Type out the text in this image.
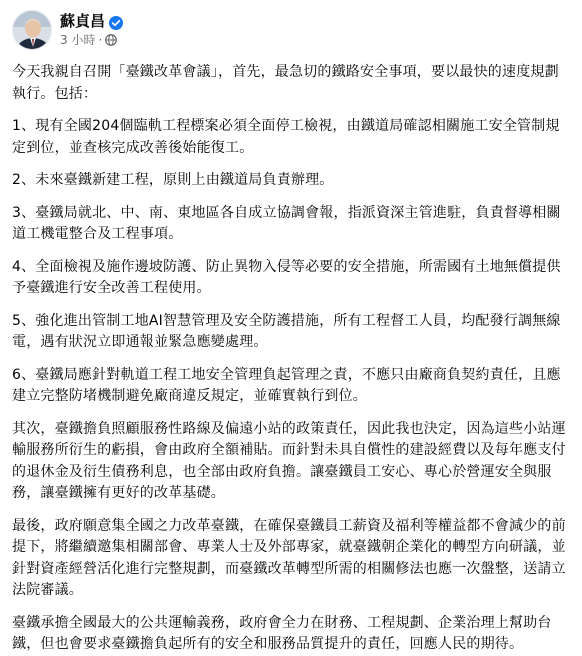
蘇貞昌
3 小時 ·

今天我親自召開「臺鐵改革會議」，首先，最急切的鐵路安全事項，要以最快的速度規劃執行。包括：

1、現有全國204個臨軌工程標案必須全面停工檢視，由鐵道局確認相關施工安全管制規定到位，並查核完成改善後始能復工。

2、未來臺鐵新建工程，原則上由鐵道局負責辦理。

3、臺鐵局就北、中、南、東地區各自成立協調會報，指派資深主管進駐，負責督導相關道工機電整合及工程事項。

4、全面檢視及施作邊坡防護、防止異物入侵等必要的安全措施，所需國有土地無償提供予臺鐵進行安全改善工程使用。

5、強化進出管制工地AI智慧管理及安全防護措施，所有工程督工人員，均配發行調無線電，遇有狀況立即通報並緊急應變處理。

6、臺鐵局應針對軌道工程工地安全管理負起管理之責，不應只由廠商負契約責任，且應建立完整防堵機制避免廠商違反規定，並確實執行到位。

其次，臺鐵擔負照顧服務性路線及偏遠小站的政策責任，因此我也決定，因為這些小站運輸服務所衍生的虧損，會由政府全額補貼。而針對未具自償性的建設經費以及每年應支付的退休金及衍生債務利息，也全部由政府負擔。讓臺鐵員工安心、專心於營運安全與服務，讓臺鐵擁有更好的改革基礎。

最後，政府願意集全國之力改革臺鐵，在確保臺鐵員工薪資及福利等權益都不會減少的前提下，將繼續邀集相關部會、專業人士及外部專家，就臺鐵朝企業化的轉型方向研議，並針對資產經營活化進行完整規劃，而臺鐵改革轉型所需的相關修法也應一次盤整，送請立法院審議。

臺鐵承擔全國最大的公共運輸義務，政府會全力在財務、工程規劃、企業治理上幫助台鐵，但也會要求臺鐵擔負起所有的安全和服務品質提升的責任，回應人民的期待。
